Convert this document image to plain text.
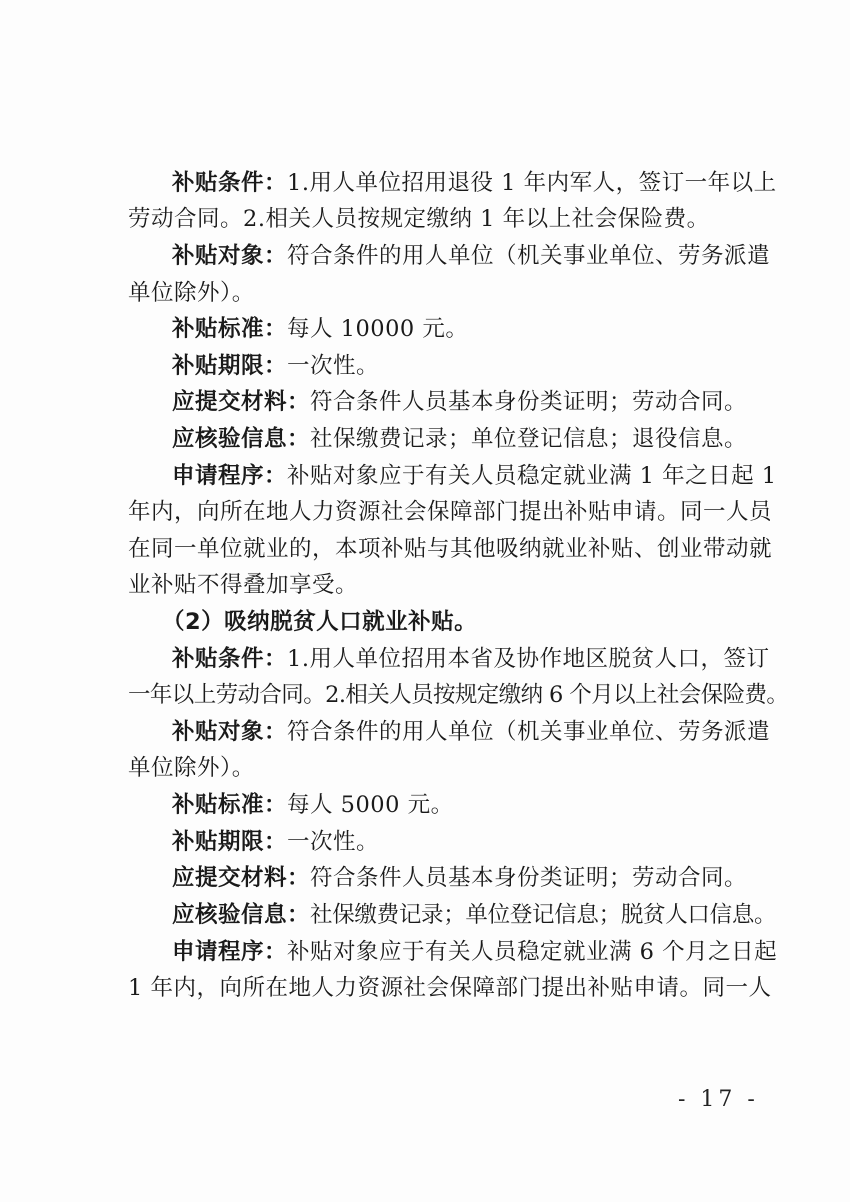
补贴条件：1.用人单位招用退役 1 年内军人，签订一年以上
劳动合同。2.相关人员按规定缴纳 1 年以上社会保险费。
补贴对象：符合条件的用人单位（机关事业单位、劳务派遣
单位除外）。
补贴标准：每人 10000 元。
补贴期限：一次性。
应提交材料：符合条件人员基本身份类证明；劳动合同。
应核验信息：社保缴费记录；单位登记信息；退役信息。
申请程序：补贴对象应于有关人员稳定就业满 1 年之日起 1
年内，向所在地人力资源社会保障部门提出补贴申请。同一人员
在同一单位就业的，本项补贴与其他吸纳就业补贴、创业带动就
业补贴不得叠加享受。
（2）吸纳脱贫人口就业补贴。
补贴条件：1.用人单位招用本省及协作地区脱贫人口，签订
一年以上劳动合同。2.相关人员按规定缴纳 6 个月以上社会保险费。
补贴对象：符合条件的用人单位（机关事业单位、劳务派遣
单位除外）。
补贴标准：每人 5000 元。
补贴期限：一次性。
应提交材料：符合条件人员基本身份类证明；劳动合同。
应核验信息：社保缴费记录；单位登记信息；脱贫人口信息。
申请程序：补贴对象应于有关人员稳定就业满 6 个月之日起
1 年内，向所在地人力资源社会保障部门提出补贴申请。同一人
- 17 -
